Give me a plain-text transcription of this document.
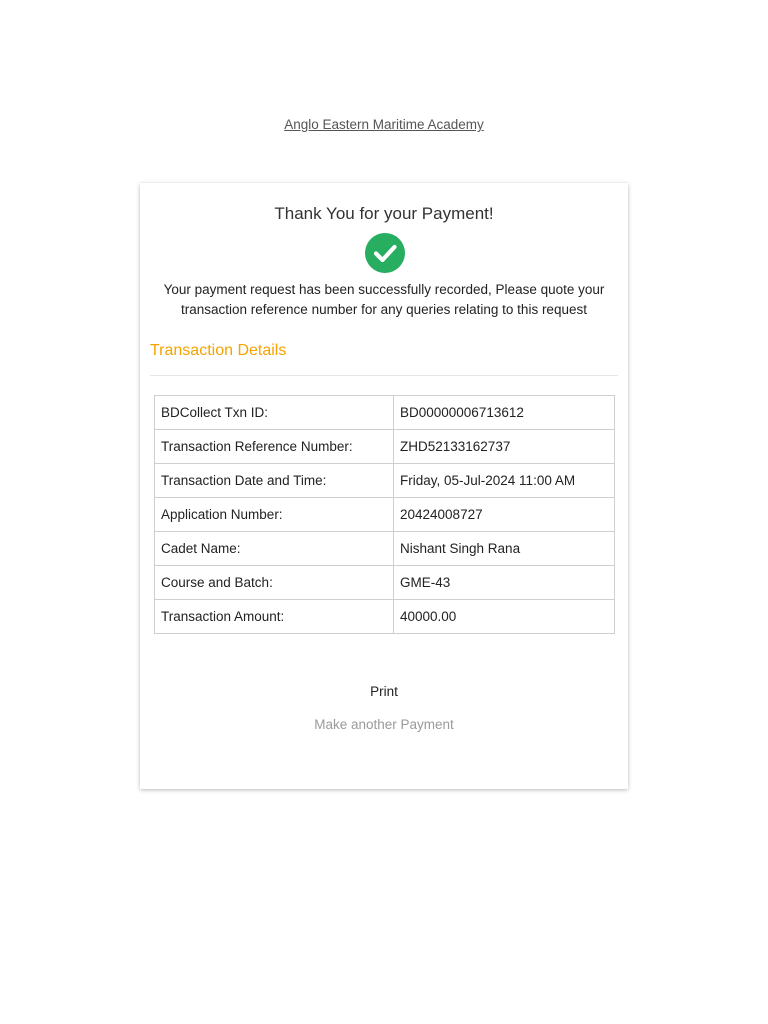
Anglo Eastern Maritime Academy
Thank You for your Payment!
Your payment request has been successfully recorded, Please quote your transaction reference number for any queries relating to this request
Transaction Details
BDCollect Txn ID:	BD00000006713612
Transaction Reference Number:	ZHD52133162737
Transaction Date and Time:	Friday, 05-Jul-2024 11:00 AM
Application Number:	20424008727
Cadet Name:	Nishant Singh Rana
Course and Batch:	GME-43
Transaction Amount:	40000.00
Print
Make another Payment
